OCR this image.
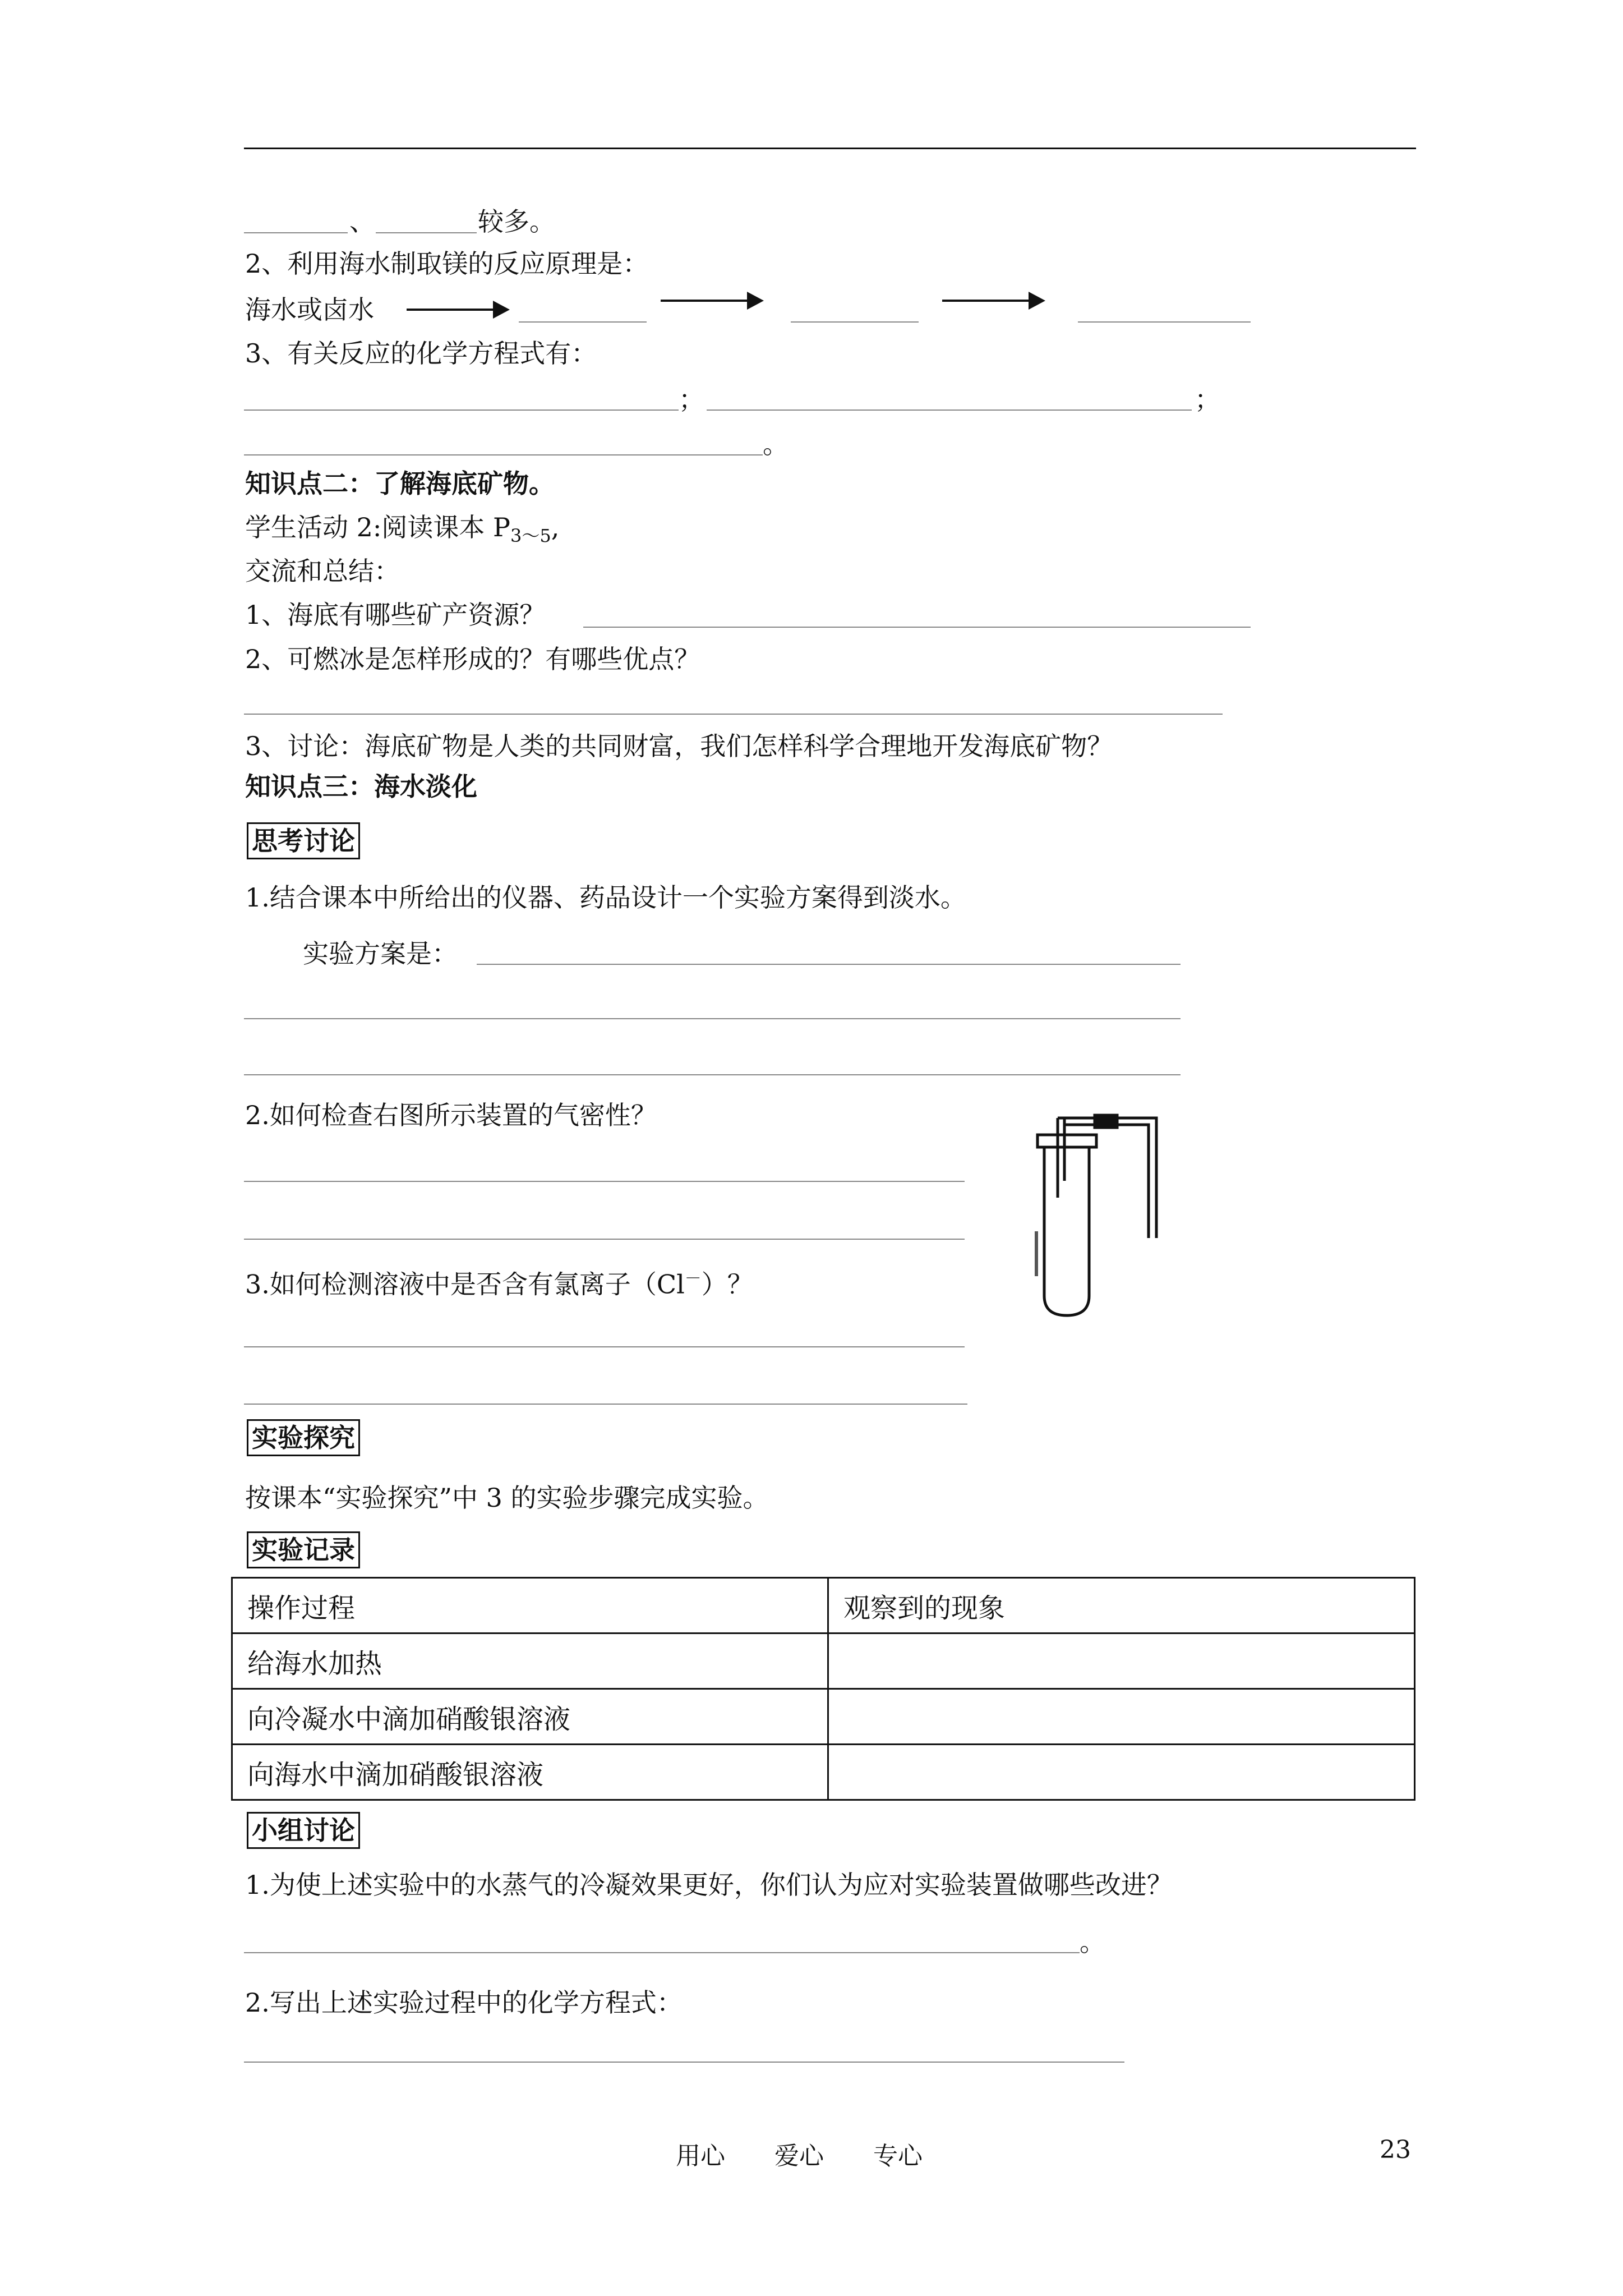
、	较多。
2、利用海水制取镁的反应原理是：
海水或卤水
3、有关反应的化学方程式有：
；	；
。
知识点二：了解海底矿物。
学生活动 2:阅读课本 $P_{3\sim 5}$,
交流和总结：
1、海底有哪些矿产资源？
2、可燃冰是怎样形成的？有哪些优点？
3、讨论：海底矿物是人类的共同财富，我们怎样科学合理地开发海底矿物？
知识点三：海水淡化
思考讨论
1.结合课本中所给出的仪器、药品设计一个实验方案得到淡水。
实验方案是：
2.如何检查右图所示装置的气密性？
3.如何检测溶液中是否含有氯离子（Cl－）？
实验探究
按课本“实验探究”中 3 的实验步骤完成实验。
实验记录
操作过程	观察到的现象
给海水加热	
向冷凝水中滴加硝酸银溶液	
向海水中滴加硝酸银溶液	
小组讨论
1.为使上述实验中的水蒸气的冷凝效果更好，你们认为应对实验装置做哪些改进？
。
2.写出上述实验过程中的化学方程式：
用心　　爱心　　专心	23
